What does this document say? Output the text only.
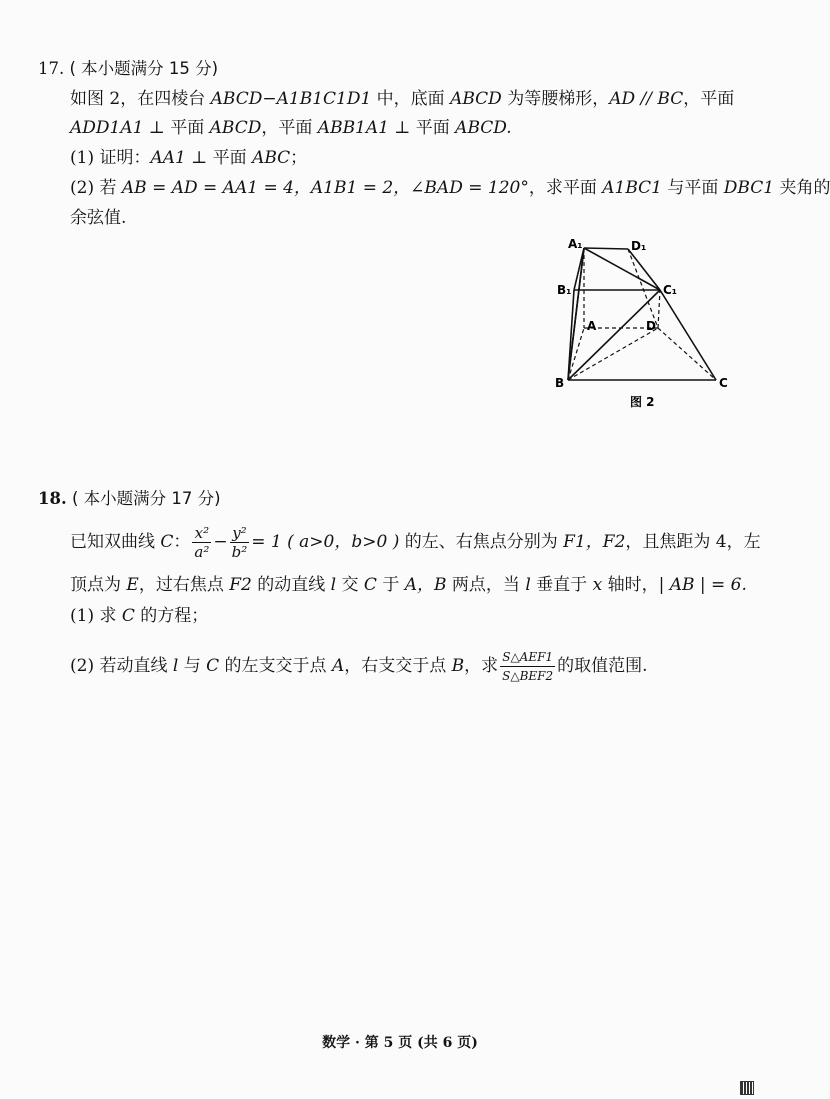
17. ( 本小题满分 15 分)
如图 2，在四棱台 ABCD−A1B1C1D1 中，底面 ABCD 为等腰梯形，AD // BC，平面
ADD1A1 ⊥ 平面 ABCD，平面 ABB1A1 ⊥ 平面 ABCD.
(1) 证明：AA1 ⊥ 平面 ABC；
(2) 若 AB = AD = AA1 = 4，A1B1 = 2，∠BAD = 120°，求平面 A1BC1 与平面 DBC1 夹角的
余弦值.
A₁	D₁
B₁	C₁
A	D
B	C
图 2
18. ( 本小题满分 17 分)
已知双曲线 C： $\frac{\text{x²}}{\text{a²}} - \frac{\text{y²}}{\text{b²}} = 1$ ( a>0，b>0 ) 的左、右焦点分别为 F1，F2，且焦距为 4，左
顶点为 E，过右焦点 F2 的动直线 l 交 C 于 A，B 两点，当 l 垂直于 x 轴时，| AB | = 6.
(1) 求 C 的方程；
(2) 若动直线 l 与 C 的左支交于点 A，右支交于点 B，求 $\frac{\text{S△AEF1}}{\text{S△BEF2}}$ 的取值范围.
数学 · 第 5 页 (共 6 页)
